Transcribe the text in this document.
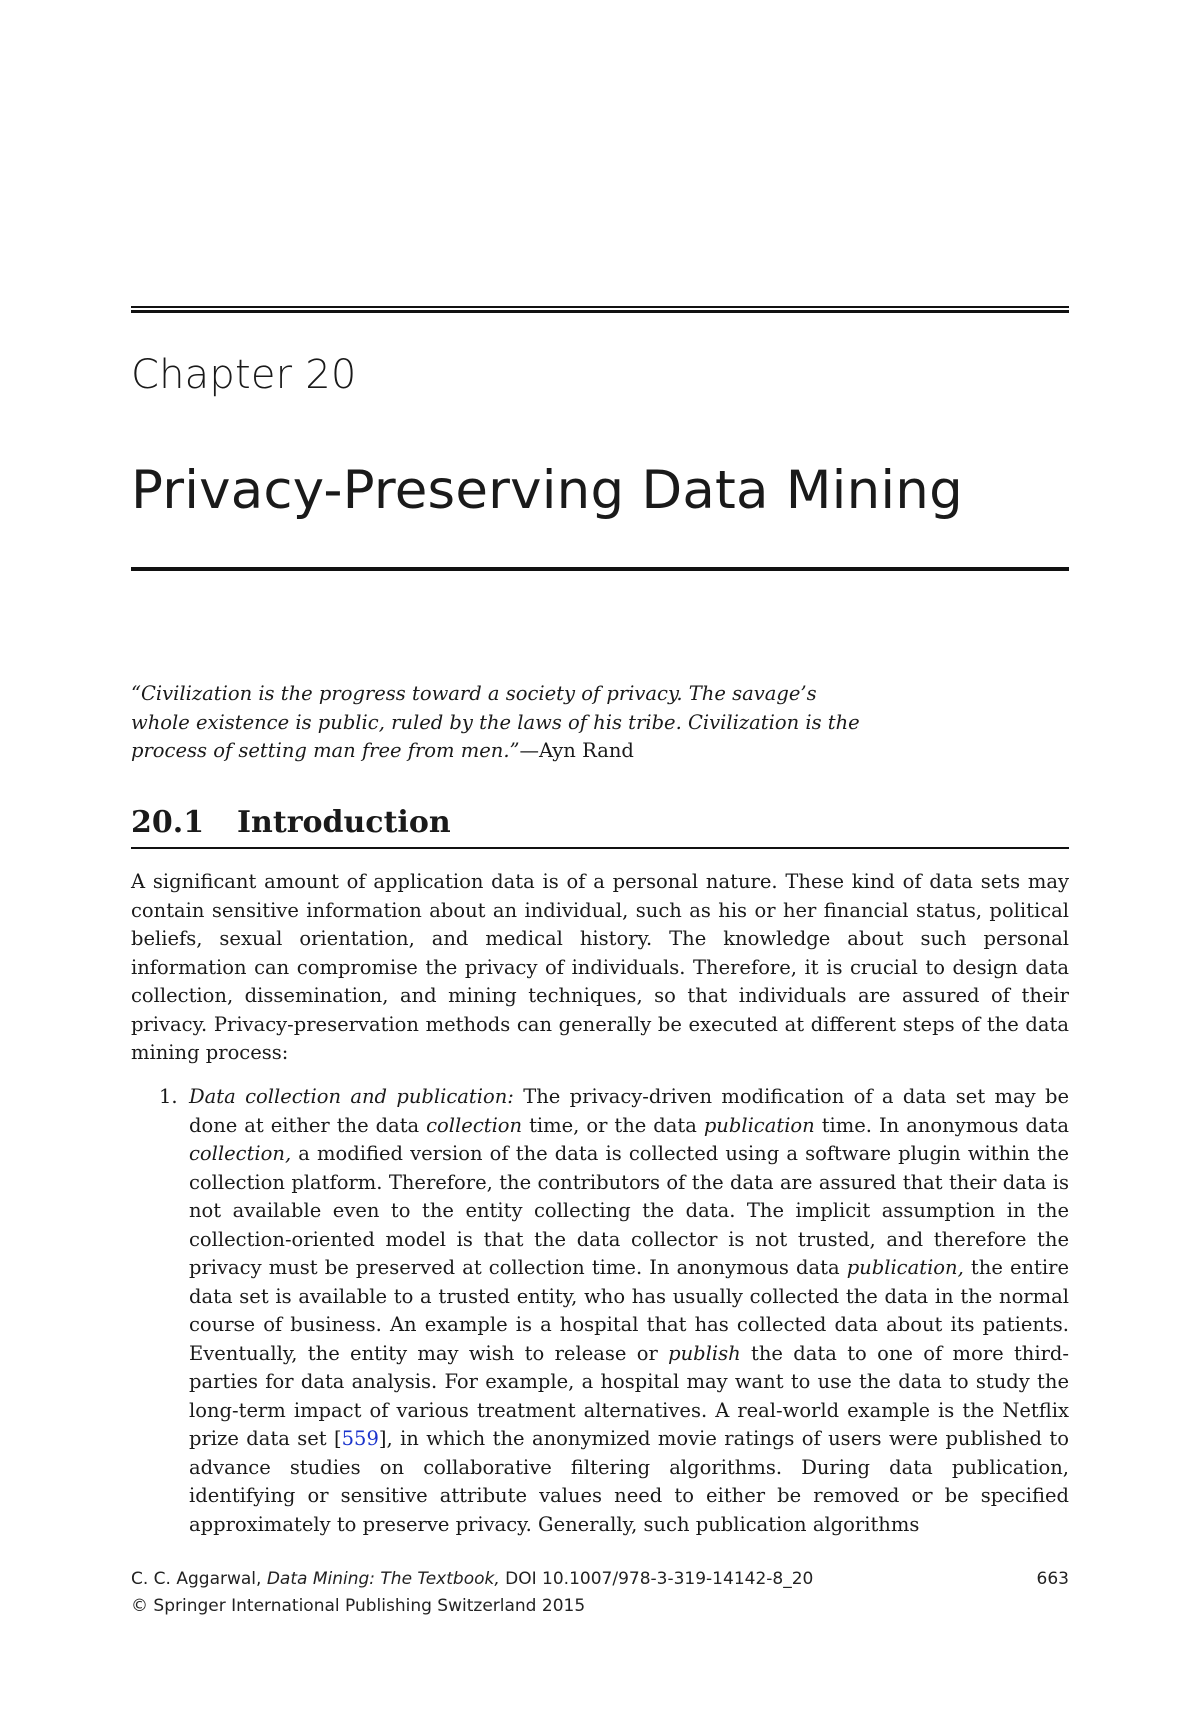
Chapter 20
Privacy-Preserving Data Mining
“Civilization is the progress toward a society of privacy. The savage’s whole existence is public, ruled by the laws of his tribe. Civilization is the process of setting man free from men.”—Ayn Rand
20.1 Introduction
A significant amount of application data is of a personal nature. These kind of data sets may contain sensitive information about an individual, such as his or her financial status, political beliefs, sexual orientation, and medical history. The knowledge about such personal information can compromise the privacy of individuals. Therefore, it is crucial to design data collection, dissemination, and mining techniques, so that individuals are assured of their privacy. Privacy-preservation methods can generally be executed at different steps of the data mining process:
1. Data collection and publication: The privacy-driven modification of a data set may be done at either the data collection time, or the data publication time. In anonymous data collection, a modified version of the data is collected using a software plugin within the collection platform. Therefore, the contributors of the data are assured that their data is not available even to the entity collecting the data. The implicit assumption in the collection-oriented model is that the data collector is not trusted, and therefore the privacy must be preserved at collection time. In anonymous data publication, the entire data set is available to a trusted entity, who has usually collected the data in the normal course of business. An example is a hospital that has collected data about its patients. Eventually, the entity may wish to release or publish the data to one of more third-parties for data analysis. For example, a hospital may want to use the data to study the long-term impact of various treatment alternatives. A real-world example is the Netflix prize data set [559], in which the anonymized movie ratings of users were published to advance studies on collaborative filtering algorithms. During data publication, identifying or sensitive attribute values need to either be removed or be specified approximately to preserve privacy. Generally, such publication algorithms
C. C. Aggarwal, Data Mining: The Textbook, DOI 10.1007/978-3-319-14142-8_20
© Springer International Publishing Switzerland 2015
663
